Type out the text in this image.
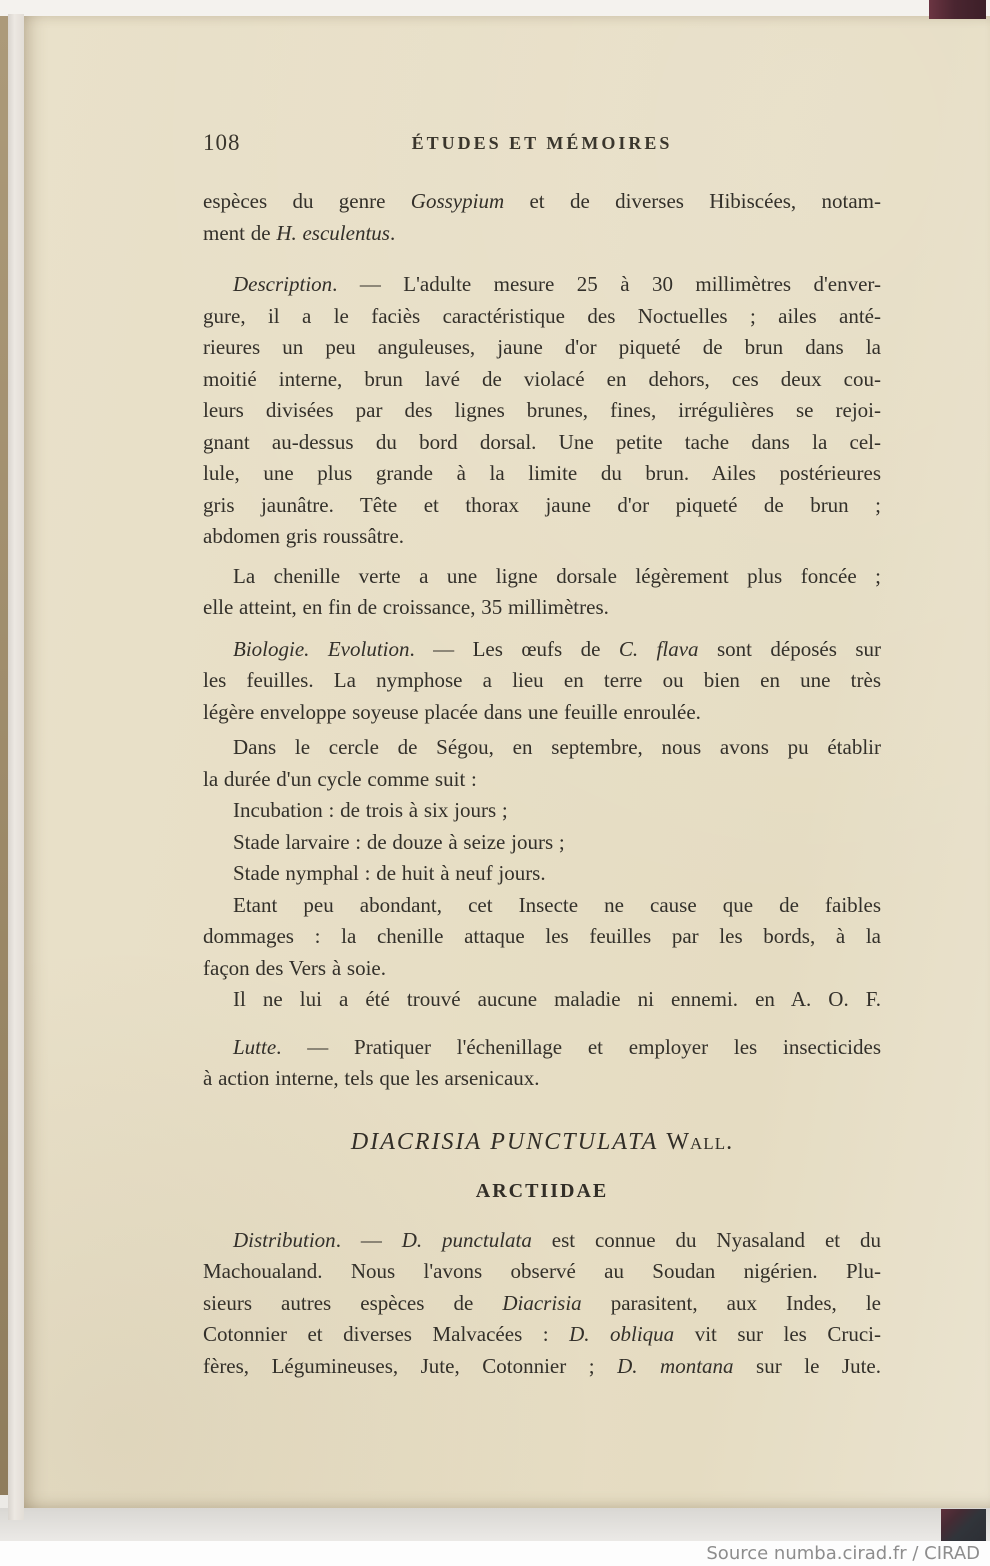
108	ÉTUDES ET MÉMOIRES
espèces du genre Gossypium et de diverses Hibiscées, notam-
ment de H. esculentus.
Description. — L'adulte mesure 25 à 30 millimètres d'enver-
gure, il a le faciès caractéristique des Noctuelles ; ailes anté-
rieures un peu anguleuses, jaune d'or piqueté de brun dans la
moitié interne, brun lavé de violacé en dehors, ces deux cou-
leurs divisées par des lignes brunes, fines, irrégulières se rejoi-
gnant au-dessus du bord dorsal. Une petite tache dans la cel-
lule, une plus grande à la limite du brun. Ailes postérieures
gris jaunâtre. Tête et thorax jaune d'or piqueté de brun ;
abdomen gris roussâtre.
La chenille verte a une ligne dorsale légèrement plus foncée ;
elle atteint, en fin de croissance, 35 millimètres.
Biologie. Evolution. — Les œufs de C. flava sont déposés sur
les feuilles. La nymphose a lieu en terre ou bien en une très
légère enveloppe soyeuse placée dans une feuille enroulée.
Dans le cercle de Ségou, en septembre, nous avons pu établir
la durée d'un cycle comme suit :
Incubation : de trois à six jours ;
Stade larvaire : de douze à seize jours ;
Stade nymphal : de huit à neuf jours.
Etant peu abondant, cet Insecte ne cause que de faibles
dommages : la chenille attaque les feuilles par les bords, à la
façon des Vers à soie.
Il ne lui a été trouvé aucune maladie ni ennemi. en A. O. F.
Lutte. — Pratiquer l'échenillage et employer les insecticides
à action interne, tels que les arsenicaux.
DIACRISIA PUNCTULATA Wall.
ARCTIIDAE
Distribution. — D. punctulata est connue du Nyasaland et du
Machoualand. Nous l'avons observé au Soudan nigérien. Plu-
sieurs autres espèces de Diacrisia parasitent, aux Indes, le
Cotonnier et diverses Malvacées : D. obliqua vit sur les Cruci-
fères, Légumineuses, Jute, Cotonnier ; D. montana sur le Jute.
Source numba.cirad.fr / CIRAD
